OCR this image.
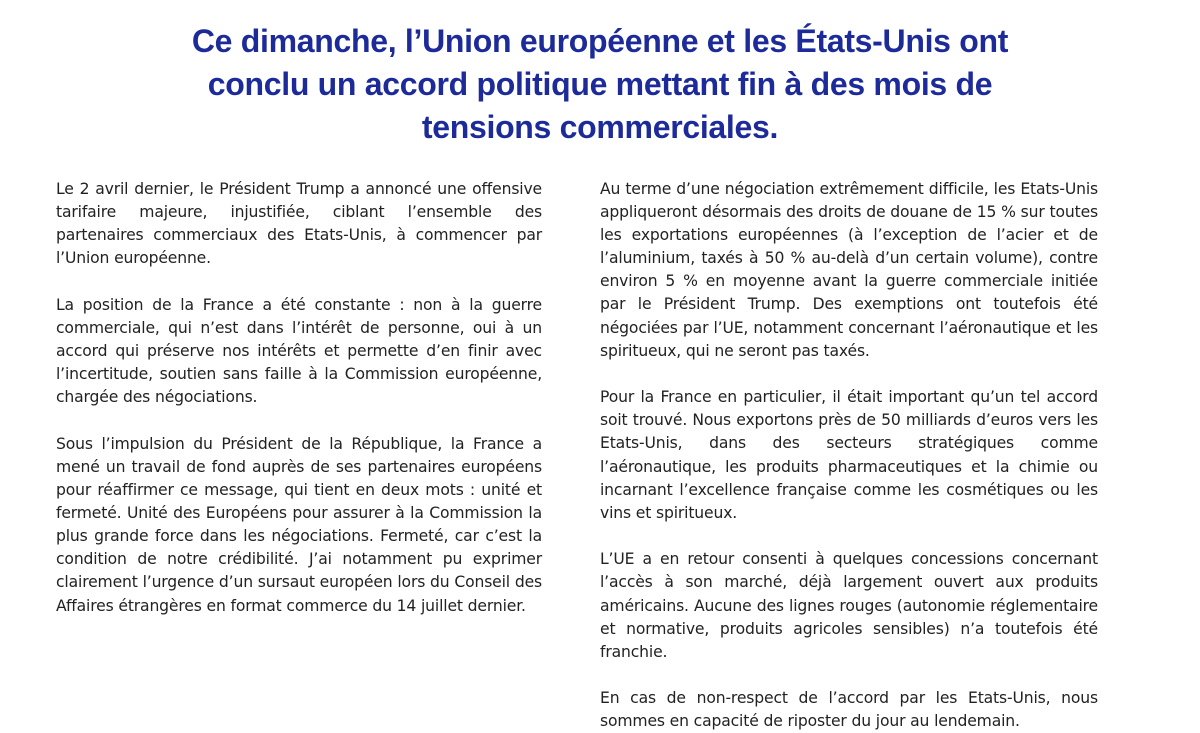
Ce dimanche, l’Union européenne et les États-Unis ont conclu un accord politique mettant fin à des mois de tensions commerciales.

Le 2 avril dernier, le Président Trump a annoncé une offensive tarifaire majeure, injustifiée, ciblant l’ensemble des partenaires commerciaux des Etats-Unis, à commencer par l’Union européenne.

La position de la France a été constante : non à la guerre commerciale, qui n’est dans l’intérêt de personne, oui à un accord qui préserve nos intérêts et permette d’en finir avec l’incertitude, soutien sans faille à la Commission européenne, chargée des négociations.

Sous l’impulsion du Président de la République, la France a mené un travail de fond auprès de ses partenaires européens pour réaffirmer ce message, qui tient en deux mots : unité et fermeté. Unité des Européens pour assurer à la Commission la plus grande force dans les négociations. Fermeté, car c’est la condition de notre crédibilité. J’ai notamment pu exprimer clairement l’urgence d’un sursaut européen lors du Conseil des Affaires étrangères en format commerce du 14 juillet dernier.

Au terme d’une négociation extrêmement difficile, les Etats-Unis appliqueront désormais des droits de douane de 15 % sur toutes les exportations européennes (à l’exception de l’acier et de l’aluminium, taxés à 50 % au-delà d’un certain volume), contre environ 5 % en moyenne avant la guerre commerciale initiée par le Président Trump. Des exemptions ont toutefois été négociées par l’UE, notamment concernant l’aéronautique et les spiritueux, qui ne seront pas taxés.

Pour la France en particulier, il était important qu’un tel accord soit trouvé. Nous exportons près de 50 milliards d’euros vers les Etats-Unis, dans des secteurs stratégiques comme l’aéronautique, les produits pharmaceutiques et la chimie ou incarnant l’excellence française comme les cosmétiques ou les vins et spiritueux.

L’UE a en retour consenti à quelques concessions concernant l’accès à son marché, déjà largement ouvert aux produits américains. Aucune des lignes rouges (autonomie réglementaire et normative, produits agricoles sensibles) n’a toutefois été franchie.

En cas de non-respect de l’accord par les Etats-Unis, nous sommes en capacité de riposter du jour au lendemain.
